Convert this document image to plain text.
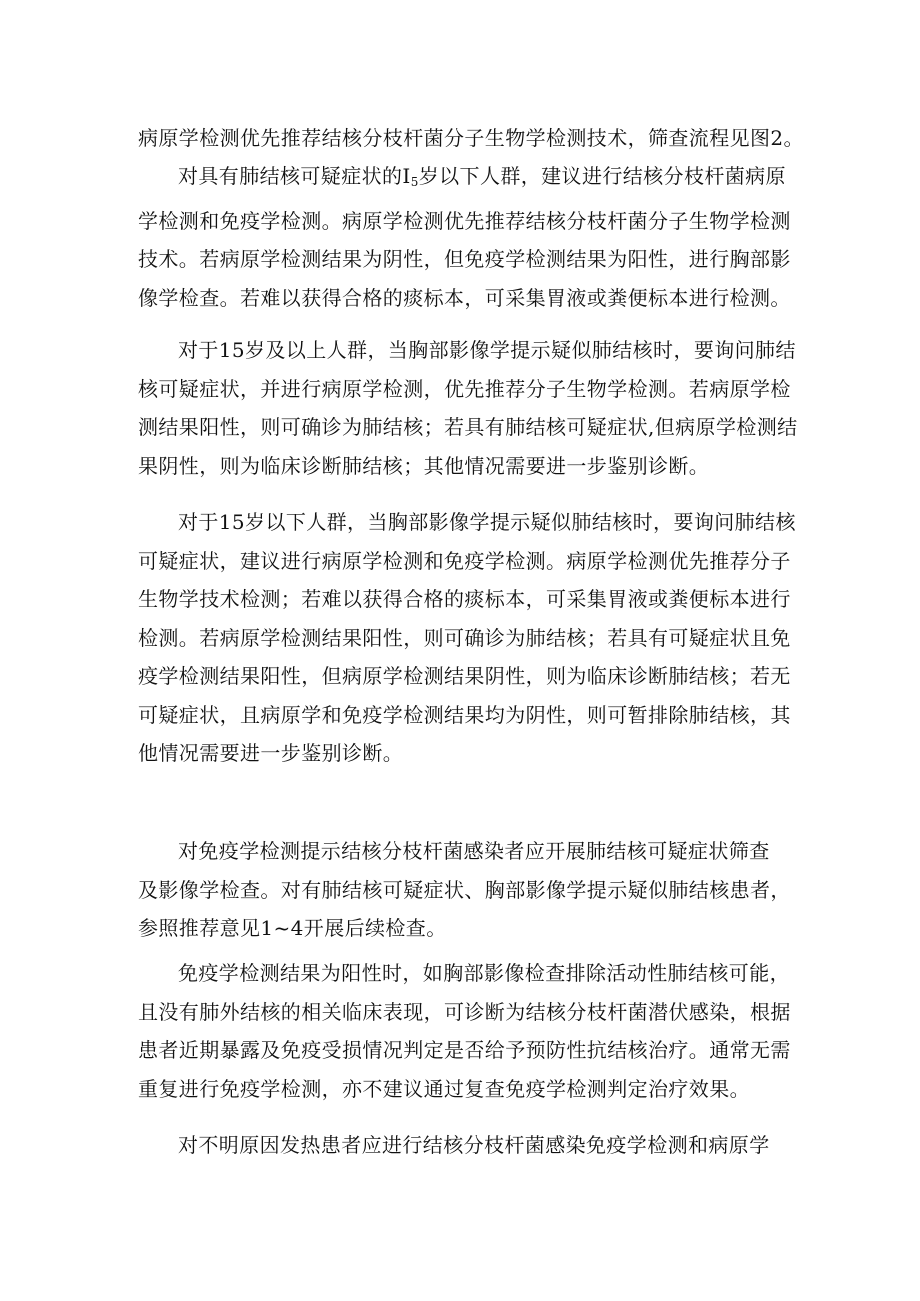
病原学检测优先推荐结核分枝杆菌分子生物学检测技术，筛查流程见图2。
对具有肺结核可疑症状的$I_5$岁以下人群，建议进行结核分枝杆菌病原
学检测和免疫学检测。病原学检测优先推荐结核分枝杆菌分子生物学检测
技术。若病原学检测结果为阴性，但免疫学检测结果为阳性，进行胸部影
像学检查。若难以获得合格的痰标本，可采集胃液或粪便标本进行检测。
对于15岁及以上人群，当胸部影像学提示疑似肺结核时，要询问肺结
核可疑症状，并进行病原学检测，优先推荐分子生物学检测。若病原学检
测结果阳性，则可确诊为肺结核；若具有肺结核可疑症状,但病原学检测结
果阴性，则为临床诊断肺结核；其他情况需要进一步鉴别诊断。
对于15岁以下人群，当胸部影像学提示疑似肺结核时，要询问肺结核
可疑症状，建议进行病原学检测和免疫学检测。病原学检测优先推荐分子
生物学技术检测；若难以获得合格的痰标本，可采集胃液或粪便标本进行
检测。若病原学检测结果阳性，则可确诊为肺结核；若具有可疑症状且免
疫学检测结果阳性，但病原学检测结果阴性，则为临床诊断肺结核；若无
可疑症状，且病原学和免疫学检测结果均为阴性，则可暂排除肺结核，其
他情况需要进一步鉴别诊断。
对免疫学检测提示结核分枝杆菌感染者应开展肺结核可疑症状筛查
及影像学检查。对有肺结核可疑症状、胸部影像学提示疑似肺结核患者，
参照推荐意见1~4开展后续检查。
免疫学检测结果为阳性时，如胸部影像检查排除活动性肺结核可能，
且没有肺外结核的相关临床表现，可诊断为结核分枝杆菌潜伏感染，根据
患者近期暴露及免疫受损情况判定是否给予预防性抗结核治疗。通常无需
重复进行免疫学检测，亦不建议通过复查免疫学检测判定治疗效果。
对不明原因发热患者应进行结核分枝杆菌感染免疫学检测和病原学
